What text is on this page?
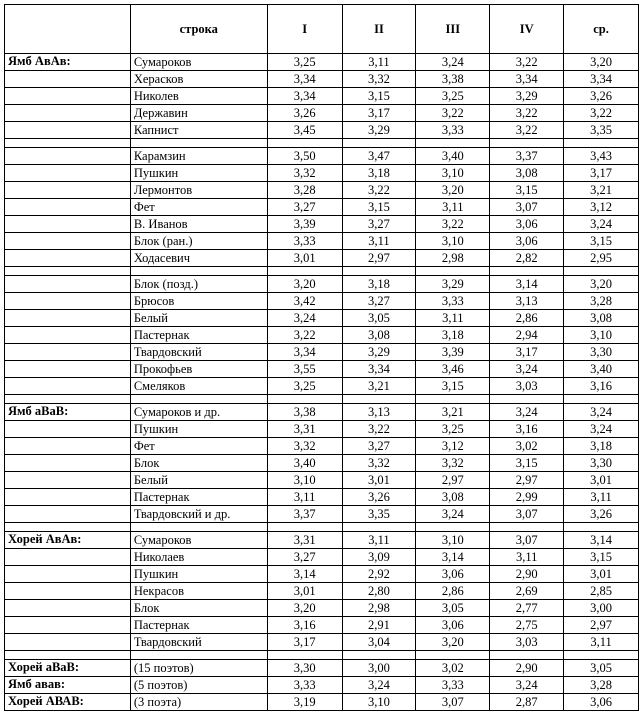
	строка	I	II	III	IV	ср.
Ямб АвАв:	Сумароков	3,25	3,11	3,24	3,22	3,20
	Херасков	3,34	3,32	3,38	3,34	3,34
	Николев	3,34	3,15	3,25	3,29	3,26
	Державин	3,26	3,17	3,22	3,22	3,22
	Капнист	3,45	3,29	3,33	3,22	3,35

	Карамзин	3,50	3,47	3,40	3,37	3,43
	Пушкин	3,32	3,18	3,10	3,08	3,17
	Лермонтов	3,28	3,22	3,20	3,15	3,21
	Фет	3,27	3,15	3,11	3,07	3,12
	В. Иванов	3,39	3,27	3,22	3,06	3,24
	Блок (ран.)	3,33	3,11	3,10	3,06	3,15
	Ходасевич	3,01	2,97	2,98	2,82	2,95

	Блок (позд.)	3,20	3,18	3,29	3,14	3,20
	Брюсов	3,42	3,27	3,33	3,13	3,28
	Белый	3,24	3,05	3,11	2,86	3,08
	Пастернак	3,22	3,08	3,18	2,94	3,10
	Твардовский	3,34	3,29	3,39	3,17	3,30
	Прокофьев	3,55	3,34	3,46	3,24	3,40
	Смеляков	3,25	3,21	3,15	3,03	3,16

Ямб аВаВ:	Сумароков и др.	3,38	3,13	3,21	3,24	3,24
	Пушкин	3,31	3,22	3,25	3,16	3,24
	Фет	3,32	3,27	3,12	3,02	3,18
	Блок	3,40	3,32	3,32	3,15	3,30
	Белый	3,10	3,01	2,97	2,97	3,01
	Пастернак	3,11	3,26	3,08	2,99	3,11
	Твардовский и др.	3,37	3,35	3,24	3,07	3,26

Хорей АвАв:	Сумароков	3,31	3,11	3,10	3,07	3,14
	Николаев	3,27	3,09	3,14	3,11	3,15
	Пушкин	3,14	2,92	3,06	2,90	3,01
	Некрасов	3,01	2,80	2,86	2,69	2,85
	Блок	3,20	2,98	3,05	2,77	3,00
	Пастернак	3,16	2,91	3,06	2,75	2,97
	Твардовский	3,17	3,04	3,20	3,03	3,11

Хорей аВаВ:	(15 поэтов)	3,30	3,00	3,02	2,90	3,05
Ямб авав:	(5 поэтов)	3,33	3,24	3,33	3,24	3,28
Хорей АВАВ:	(3 поэта)	3,19	3,10	3,07	2,87	3,06
